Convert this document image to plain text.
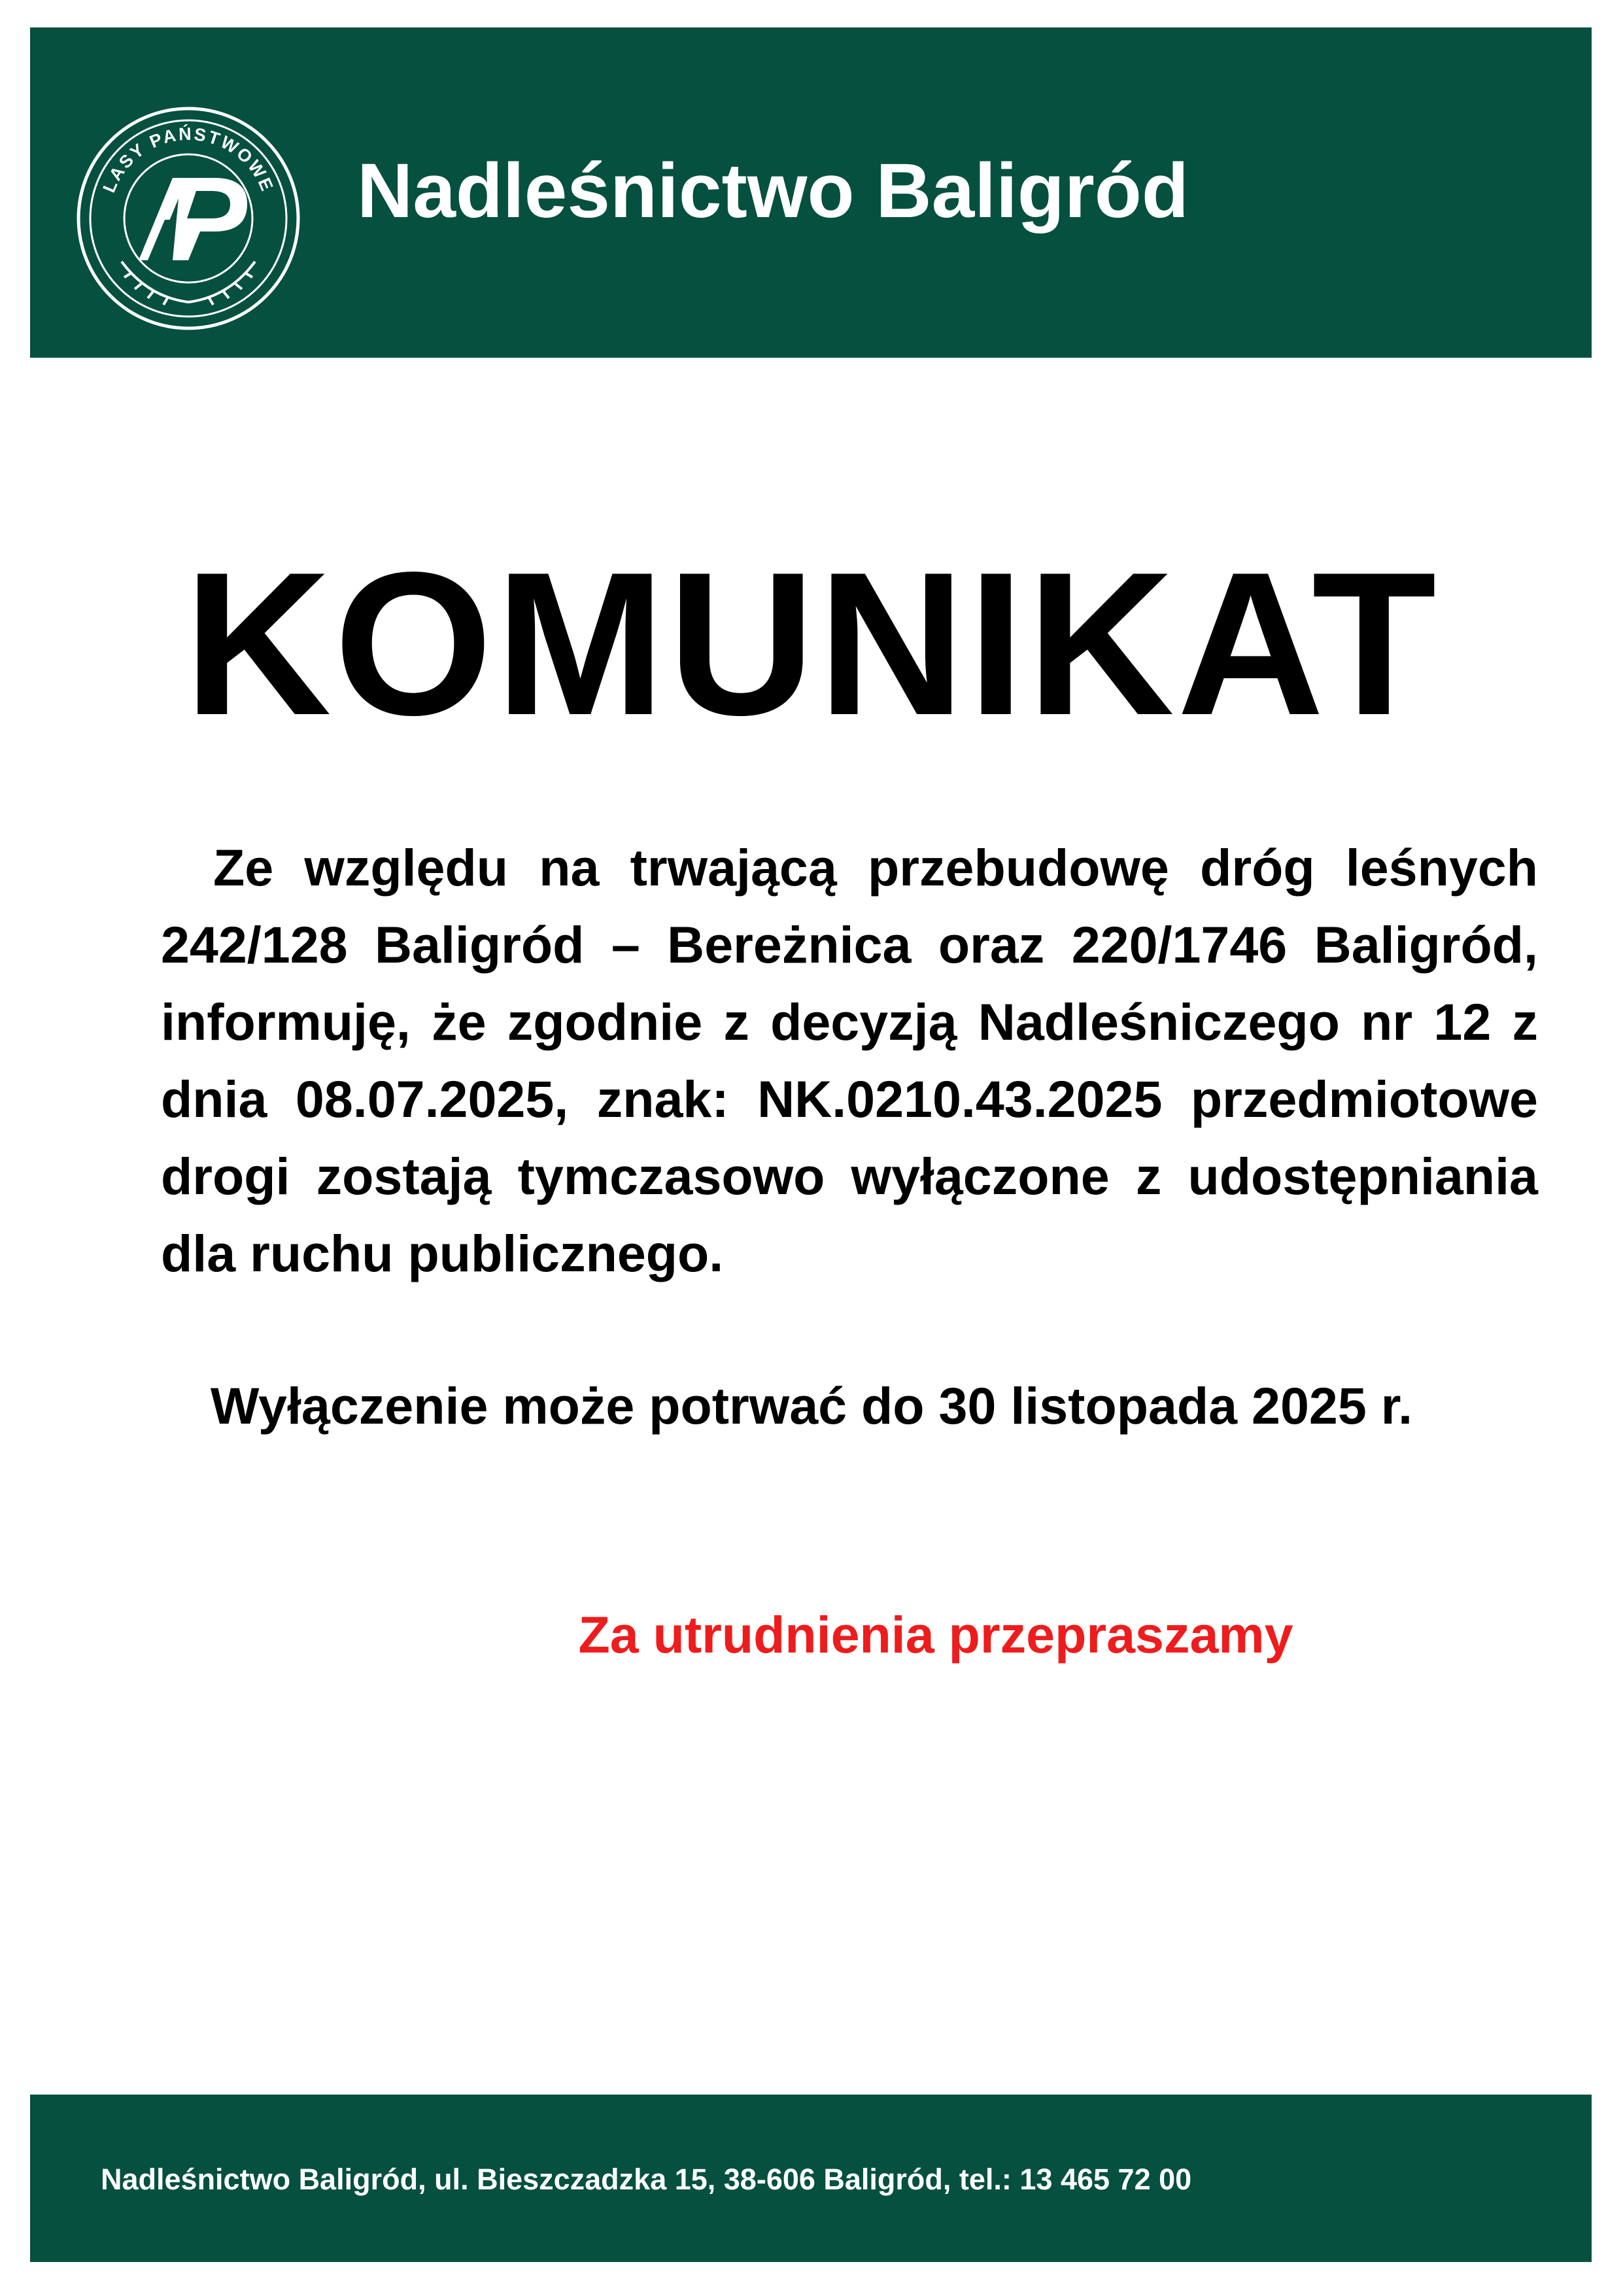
LASY PAŃSTWOWE Nadleśnictwo Baligród
KOMUNIKAT

Ze względu na trwającą przebudowę dróg leśnych 242/128 Baligród – Bereżnica oraz 220/1746 Baligród, informuję, że zgodnie z decyzją Nadleśniczego nr 12 z dnia 08.07.2025, znak: NK.0210.43.2025 przedmiotowe drogi zostają tymczasowo wyłączone z udostępniania dla ruchu publicznego.

Wyłączenie może potrwać do 30 listopada 2025 r.

Za utrudnienia przepraszamy

Nadleśnictwo Baligród, ul. Bieszczadzka 15, 38-606 Baligród, tel.: 13 465 72 00
